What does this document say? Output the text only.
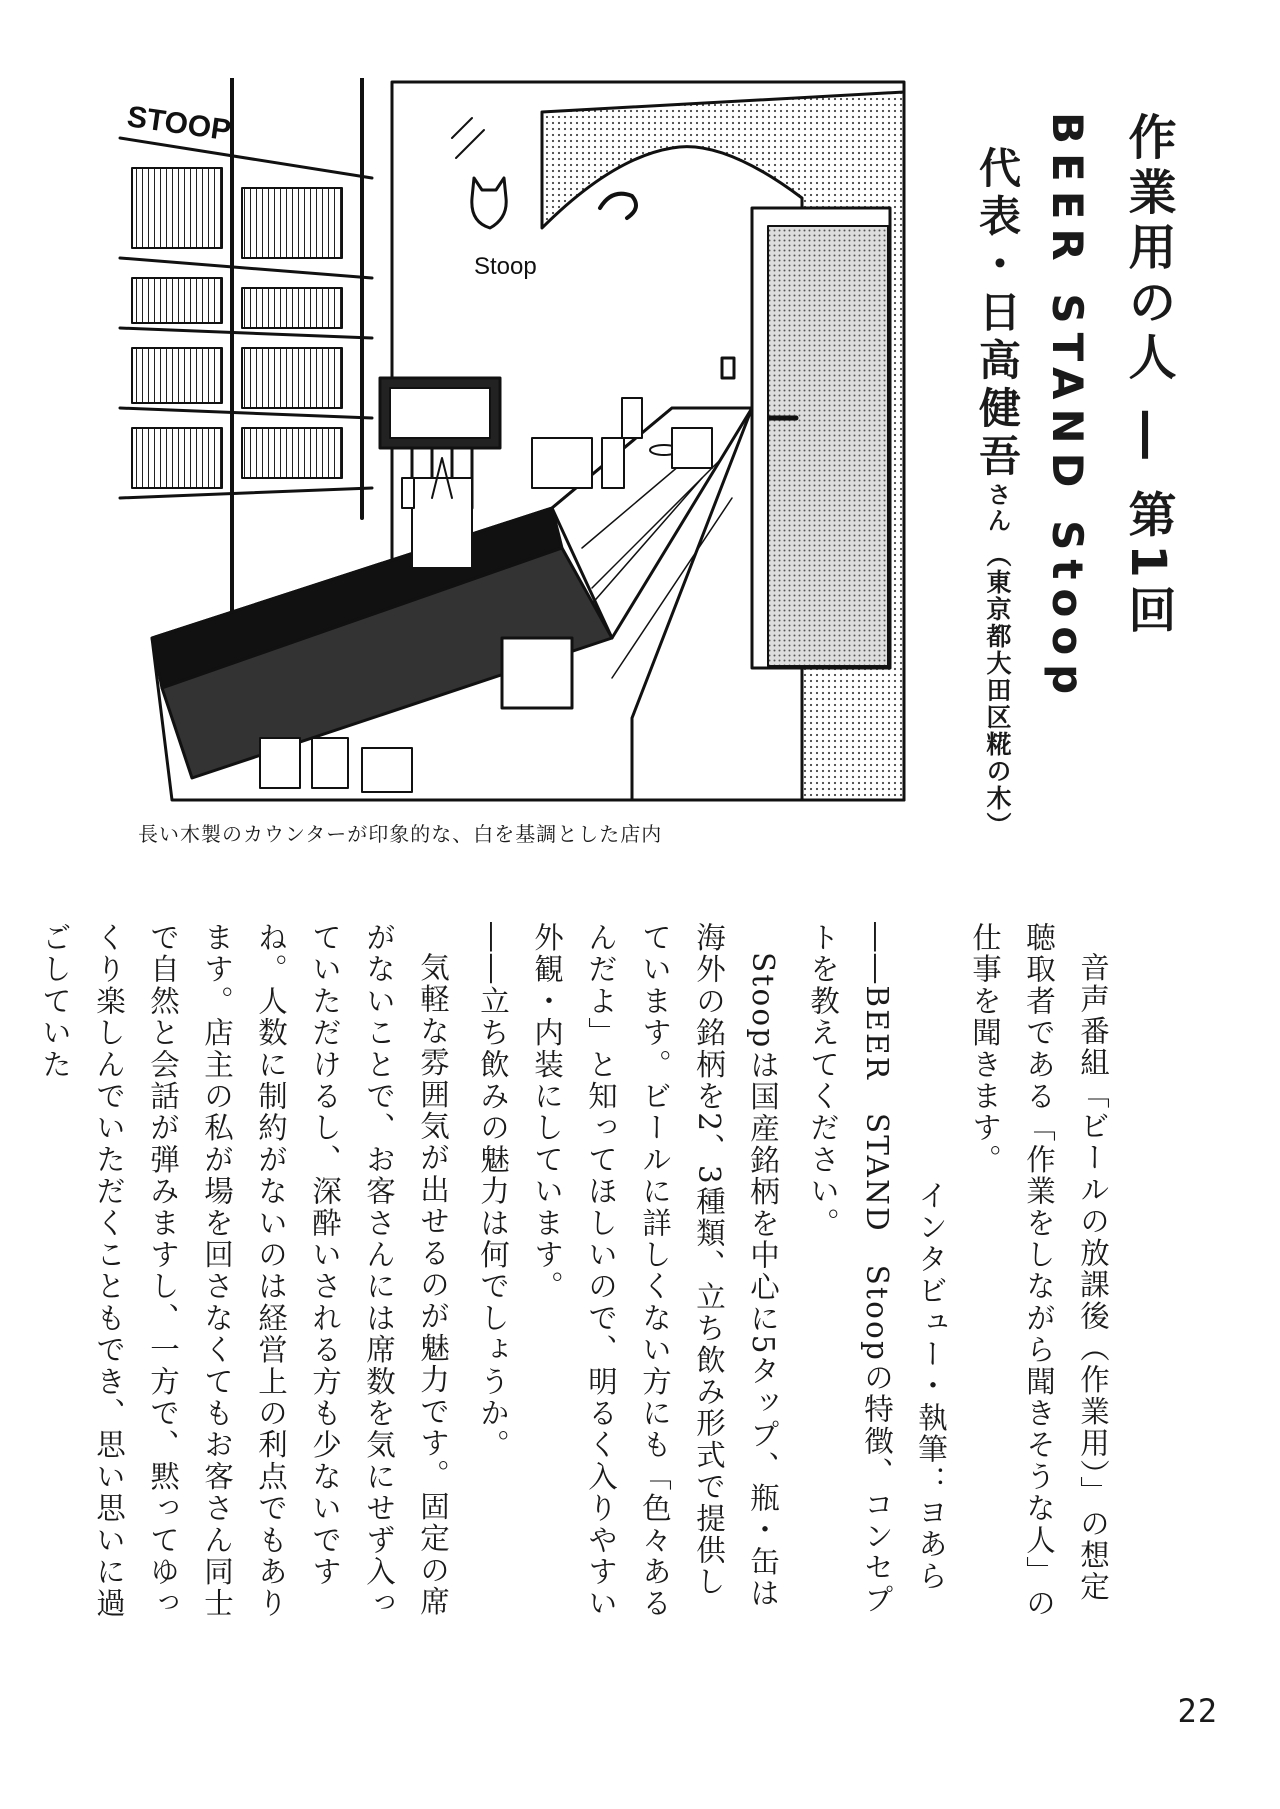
作業用の人 ― 第1回
BEER STAND Stoop
代表・日高健吾さん（東京都大田区糀の木）
Stoop
STOOP
長い木製のカウンターが印象的な、白を基調とした店内

音声番組「ビールの放課後（作業用）」の想定聴取者である「作業をしながら聞きそうな人」の仕事を聞きます。

インタビュー・執筆：ヨあら

――BEER　STAND　Stoopの特徴、コンセプトを教えてください。

Stoopは国産銘柄を中心に5タップ、瓶・缶は海外の銘柄を2、3種類、立ち飲み形式で提供しています。ビールに詳しくない方にも「色々あるんだよ」と知ってほしいので、明るく入りやすい外観・内装にしています。

――立ち飲みの魅力は何でしょうか。

気軽な雰囲気が出せるのが魅力です。固定の席がないことで、お客さんには席数を気にせず入っていただけるし、深酔いされる方も少ないですね。人数に制約がないのは経営上の利点でもあります。店主の私が場を回さなくてもお客さん同士で自然と会話が弾みますし、一方で、黙ってゆっくり楽しんでいただくこともでき、思い思いに過ごしていた

22
